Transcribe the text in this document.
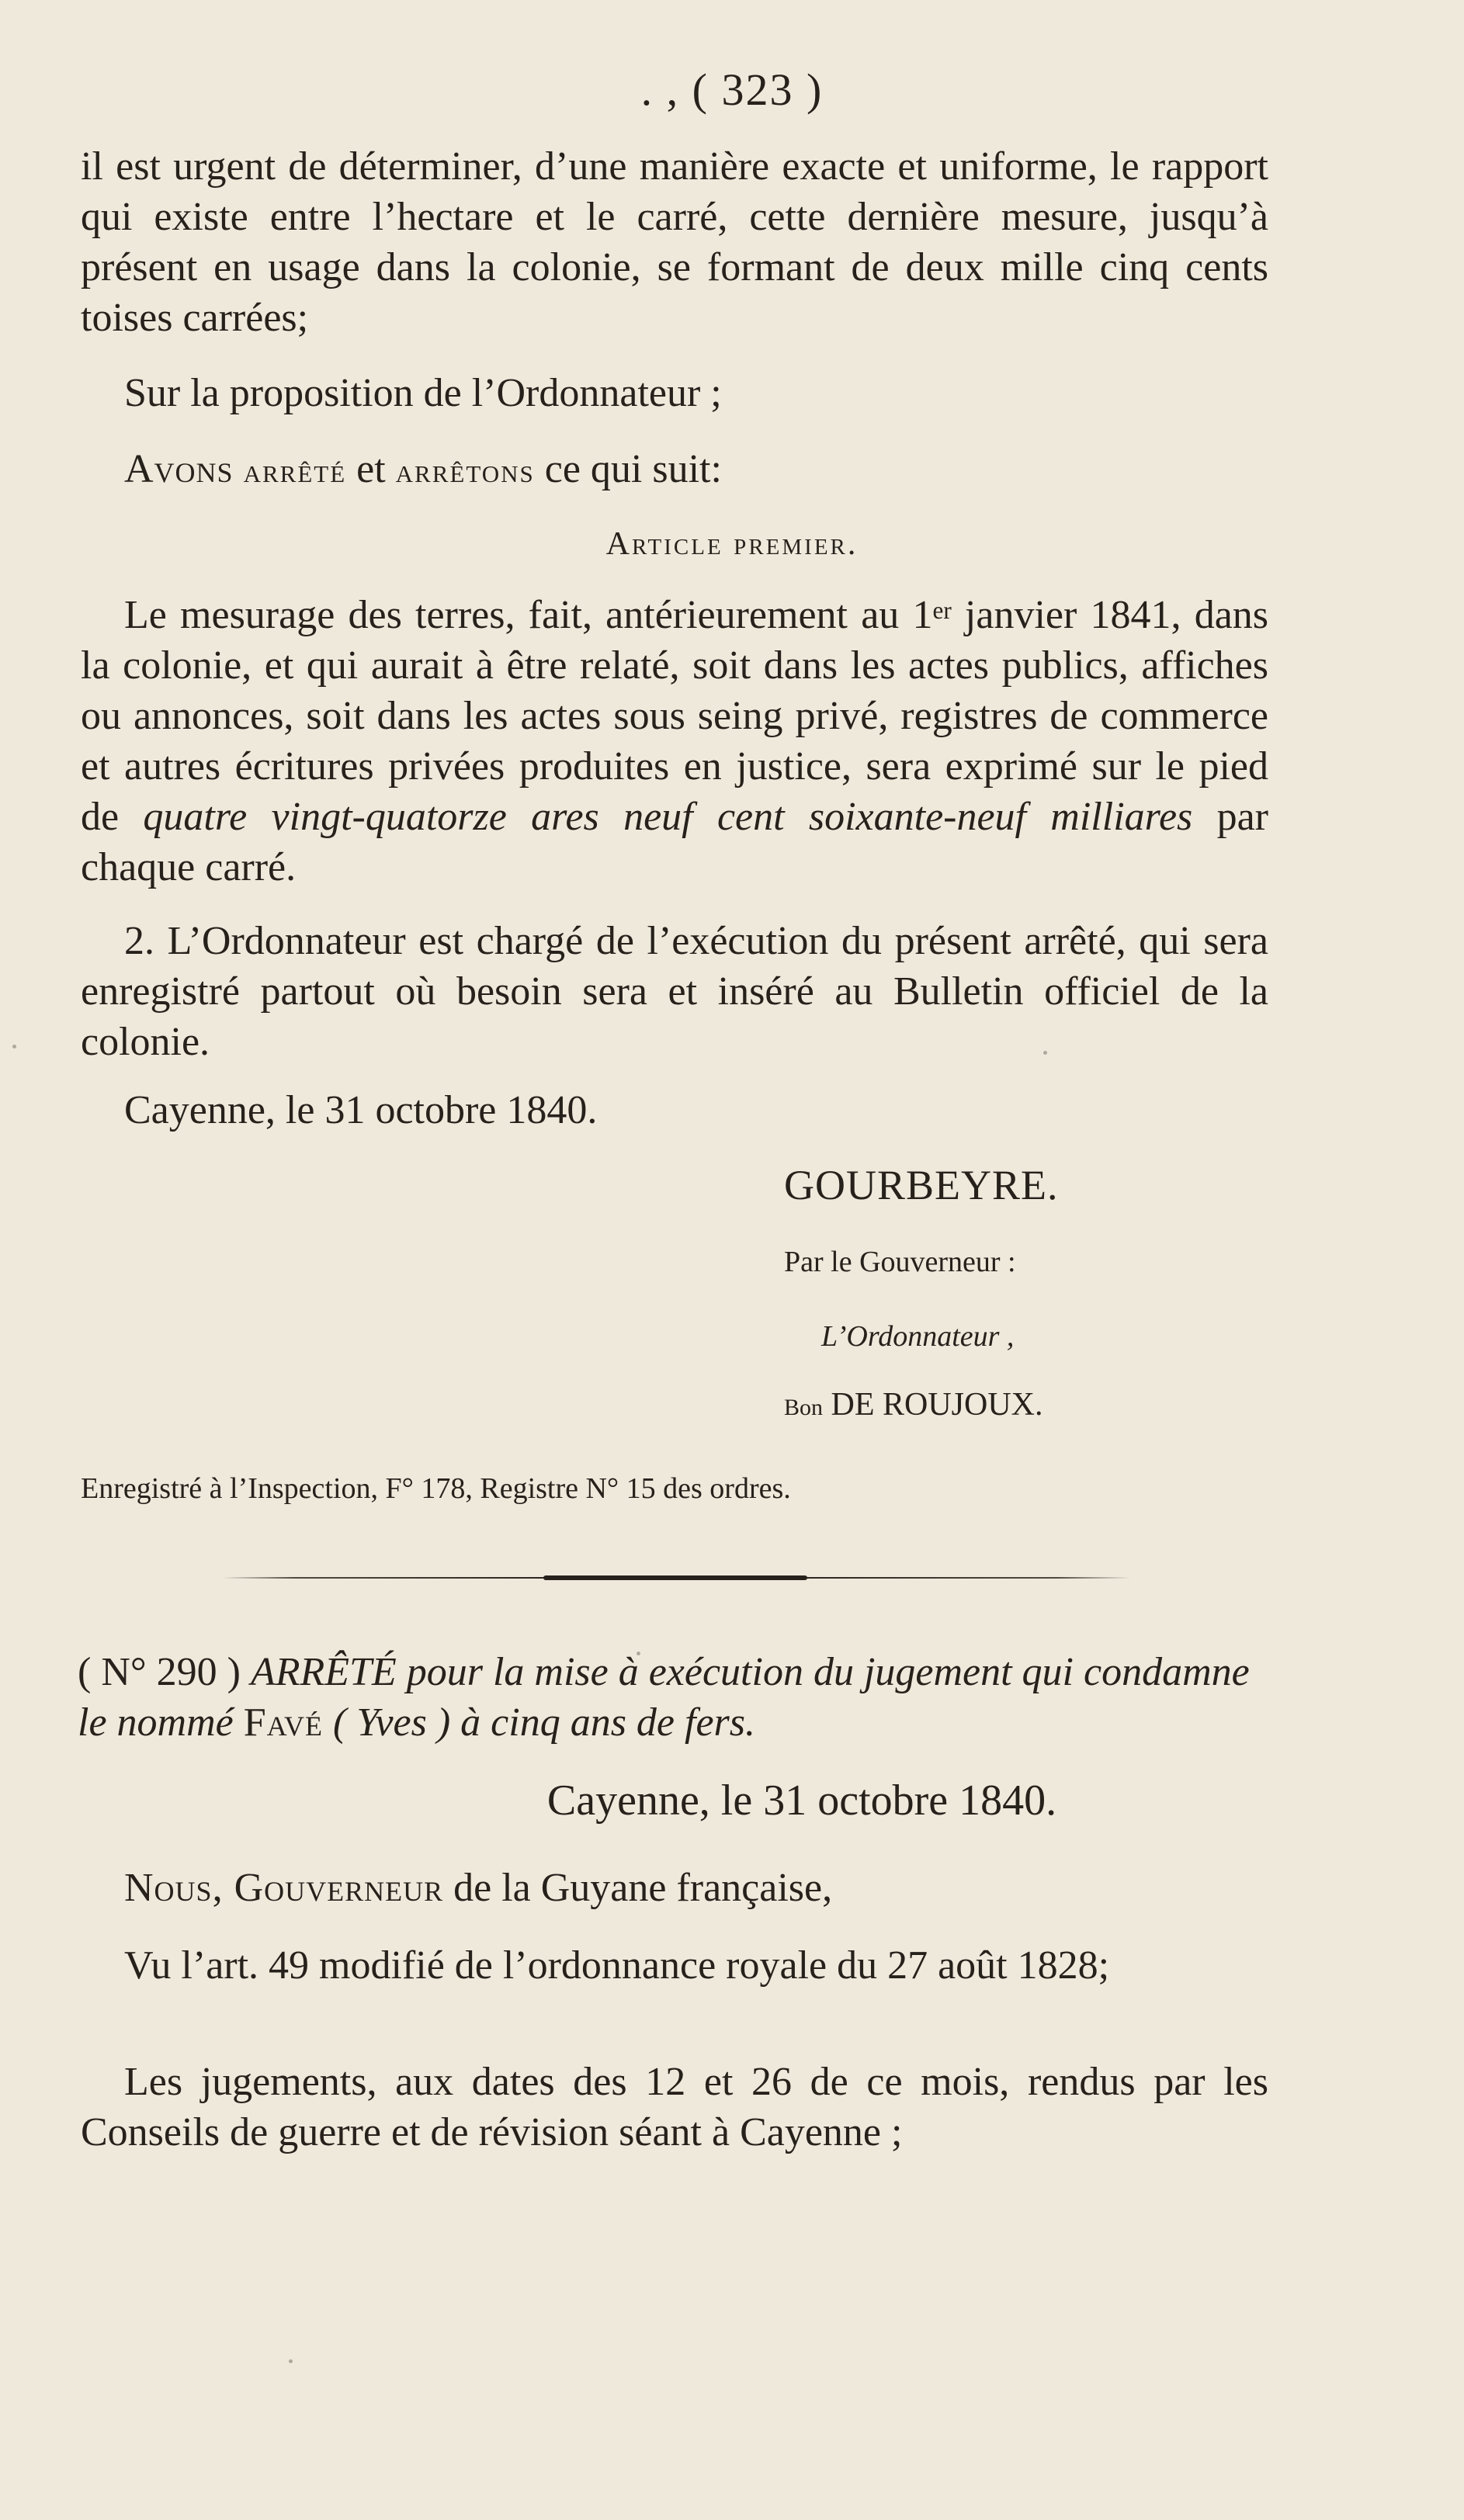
. , ( 323 )

il est urgent de déterminer, d’une manière exacte et uniforme, le rapport qui existe entre l’hectare et le carré, cette dernière mesure, jusqu’à présent en usage dans la colonie, se formant de deux mille cinq cents toises carrées;

Sur la proposition de l’Ordonnateur ;

Avons arrêté et arrêtons ce qui suit:

Article premier.

Le mesurage des terres, fait, antérieurement au 1er janvier 1841, dans la colonie, et qui aurait à être relaté, soit dans les actes publics, affiches ou annonces, soit dans les actes sous seing privé, registres de commerce et autres écritures privées produites en justice, sera exprimé sur le pied de quatre vingt-quatorze ares neuf cent soixante-neuf milliares par chaque carré.

2. L’Ordonnateur est chargé de l’exécution du présent arrêté, qui sera enregistré partout où besoin sera et inséré au Bulletin officiel de la colonie.

Cayenne, le 31 octobre 1840.

GOURBEYRE.
Par le Gouverneur :
L’Ordonnateur ,
Bon DE ROUJOUX.
Enregistré à l’Inspection, F° 178, Registre N° 15 des ordres.
( N° 290 ) ARRÊTÉ pour la mise à exécution du jugement qui condamne le nommé Favé ( Yves ) à cinq ans de fers.
Cayenne, le 31 octobre 1840.

Nous, Gouverneur de la Guyane française,

Vu l’art. 49 modifié de l’ordonnance royale du 27 août 1828;

Les jugements, aux dates des 12 et 26 de ce mois, rendus par les Conseils de guerre et de révision séant à Cayenne ;
